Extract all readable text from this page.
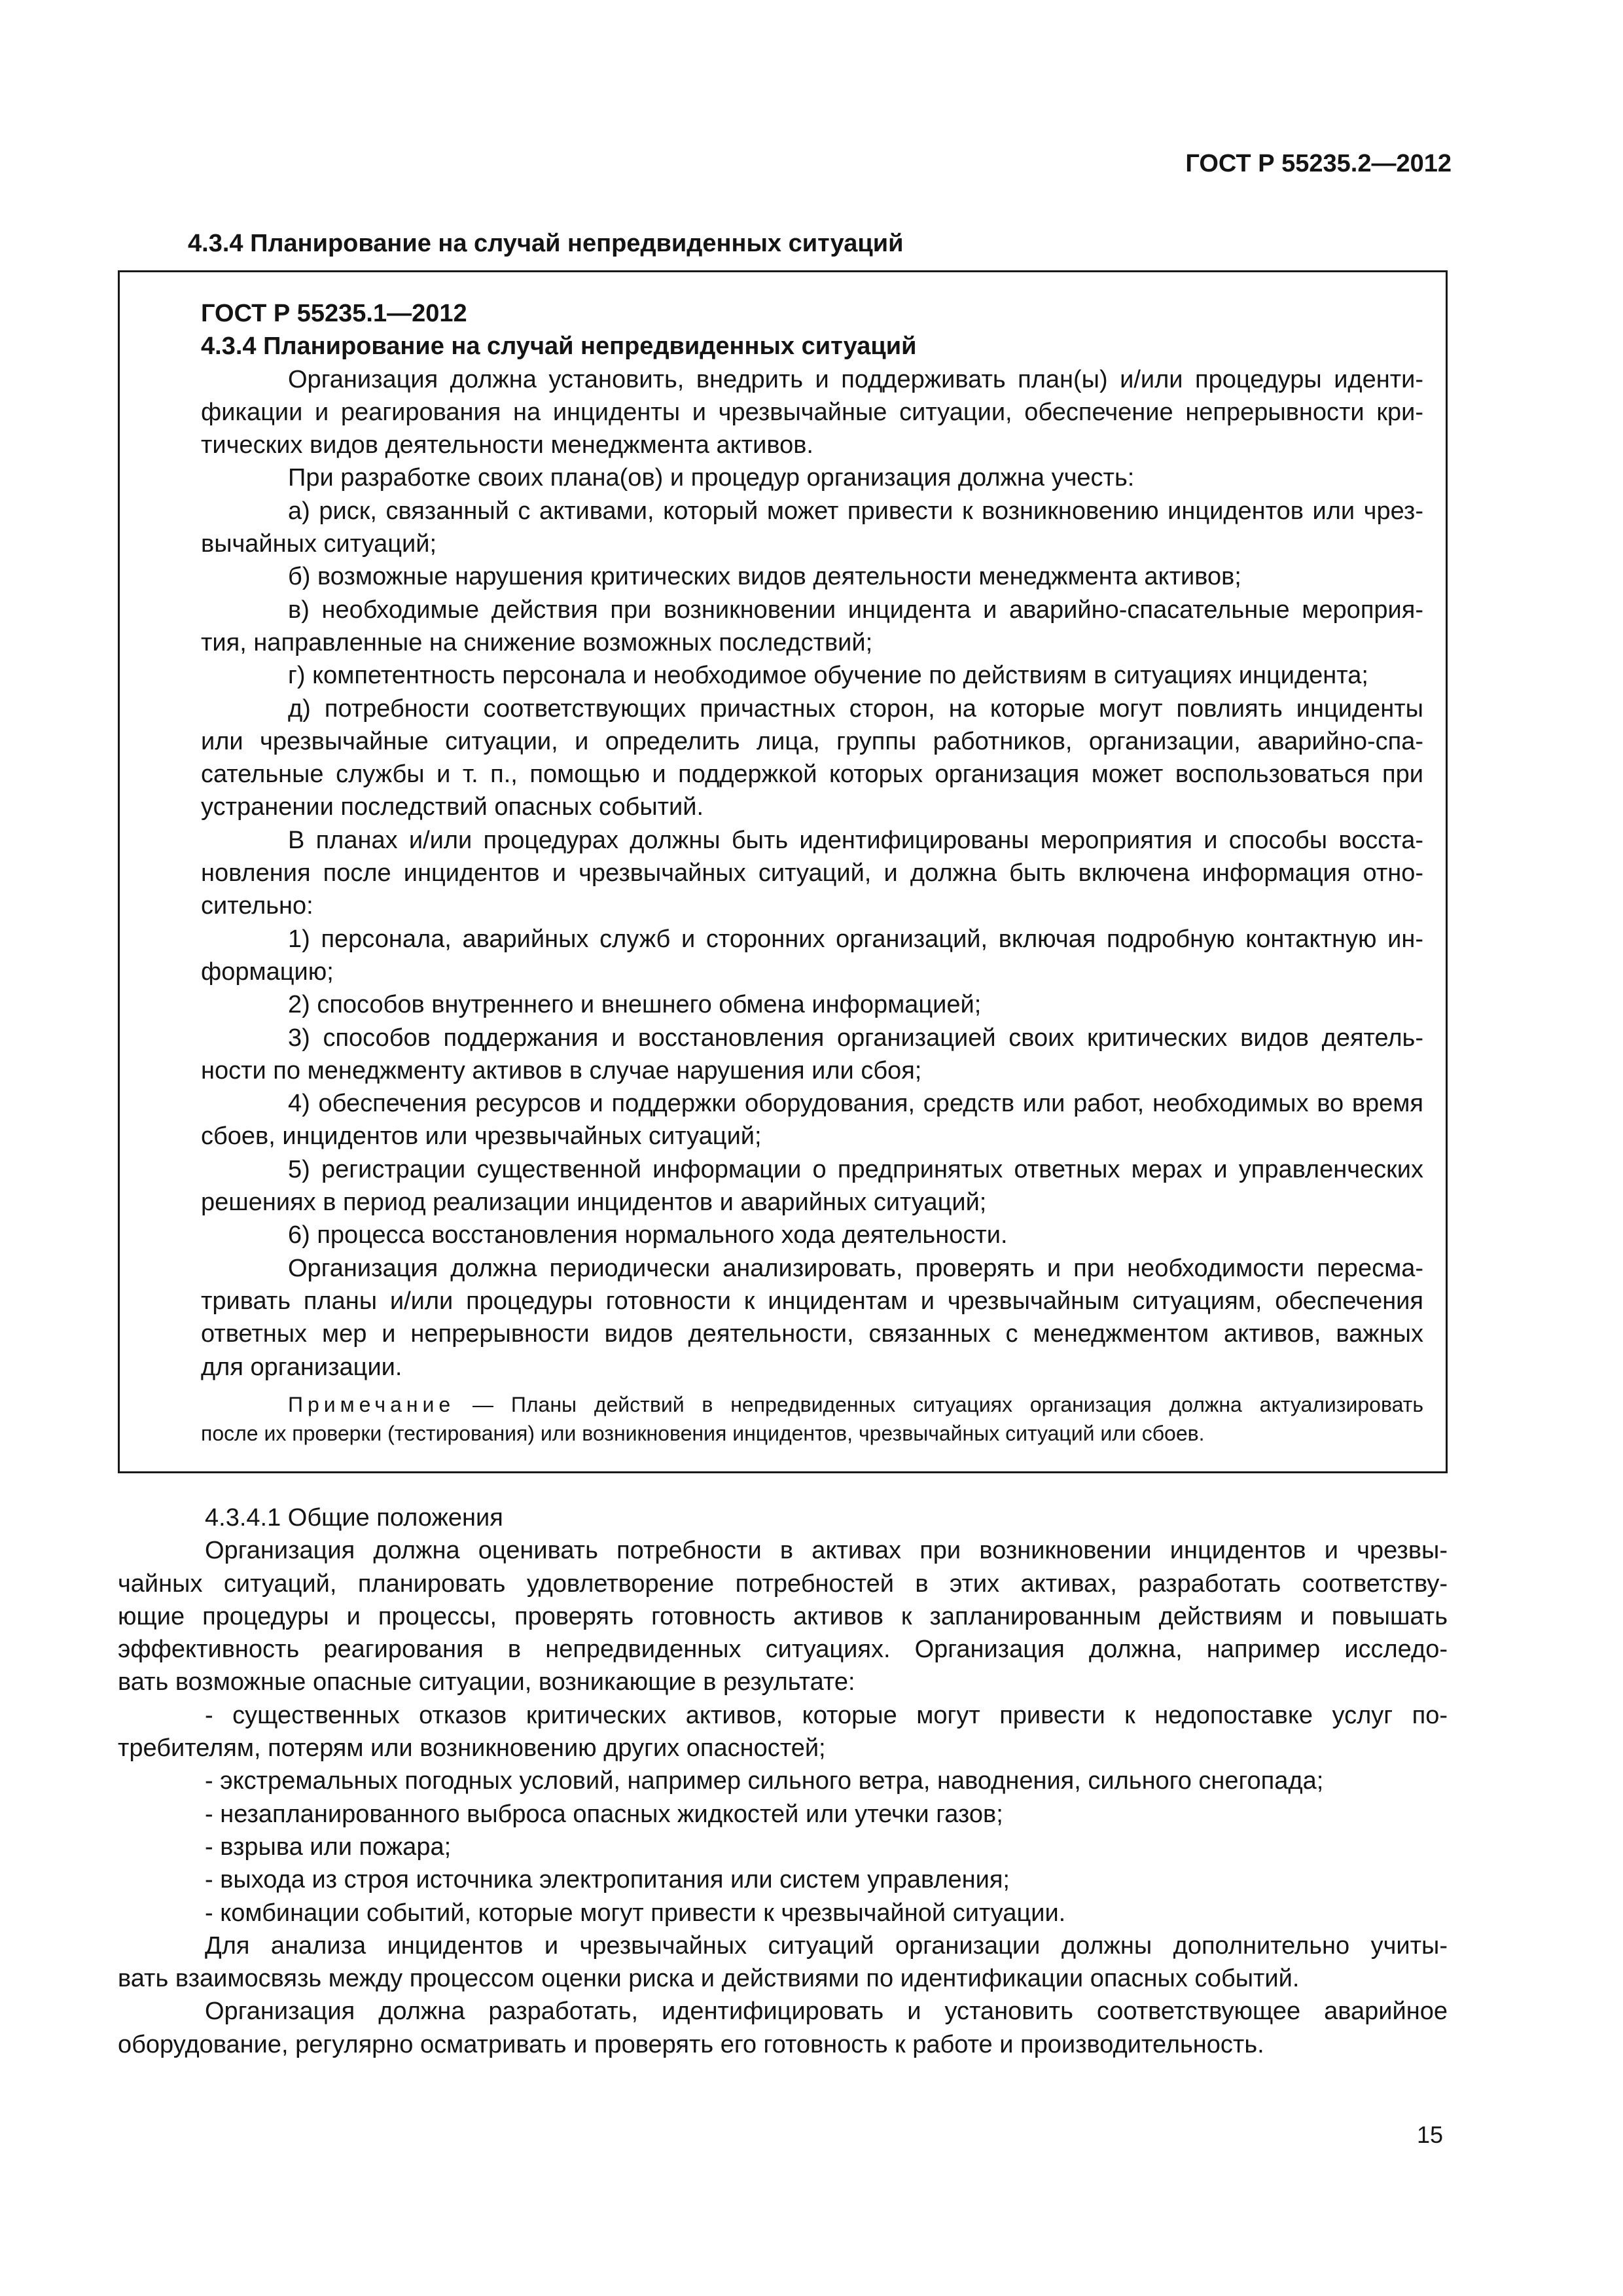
ГОСТ Р 55235.2—2012
4.3.4 Планирование на случай непредвиденных ситуаций
ГОСТ Р 55235.1—2012
4.3.4 Планирование на случай непредвиденных ситуаций
Организация должна установить, внедрить и поддерживать план(ы) и/или процедуры иденти-
фикации и реагирования на инциденты и чрезвычайные ситуации, обеспечение непрерывности кри-
тических видов деятельности менеджмента активов.
При разработке своих плана(ов) и процедур организация должна учесть:
а) риск, связанный с активами, который может привести к возникновению инцидентов или чрез-
вычайных ситуаций;
б) возможные нарушения критических видов деятельности менеджмента активов;
в) необходимые действия при возникновении инцидента и аварийно-спасательные мероприя-
тия, направленные на снижение возможных последствий;
г) компетентность персонала и необходимое обучение по действиям в ситуациях инцидента;
д) потребности соответствующих причастных сторон, на которые могут повлиять инциденты
или чрезвычайные ситуации, и определить лица, группы работников, организации, аварийно-спа-
сательные службы и т. п., помощью и поддержкой которых организация может воспользоваться при
устранении последствий опасных событий.
В планах и/или процедурах должны быть идентифицированы мероприятия и способы восста-
новления после инцидентов и чрезвычайных ситуаций, и должна быть включена информация отно-
сительно:
1) персонала, аварийных служб и сторонних организаций, включая подробную контактную ин-
формацию;
2) способов внутреннего и внешнего обмена информацией;
3) способов поддержания и восстановления организацией своих критических видов деятель-
ности по менеджменту активов в случае нарушения или сбоя;
4) обеспечения ресурсов и поддержки оборудования, средств или работ, необходимых во время
сбоев, инцидентов или чрезвычайных ситуаций;
5) регистрации существенной информации о предпринятых ответных мерах и управленческих
решениях в период реализации инцидентов и аварийных ситуаций;
6) процесса восстановления нормального хода деятельности.
Организация должна периодически анализировать, проверять и при необходимости пересма-
тривать планы и/или процедуры готовности к инцидентам и чрезвычайным ситуациям, обеспечения
ответных мер и непрерывности видов деятельности, связанных с менеджментом активов, важных
для организации.
Примечание — Планы действий в непредвиденных ситуациях организация должна актуализировать
после их проверки (тестирования) или возникновения инцидентов, чрезвычайных ситуаций или сбоев.
4.3.4.1 Общие положения
Организация должна оценивать потребности в активах при возникновении инцидентов и чрезвы-
чайных ситуаций, планировать удовлетворение потребностей в этих активах, разработать соответству-
ющие процедуры и процессы, проверять готовность активов к запланированным действиям и повышать
эффективность реагирования в непредвиденных ситуациях. Организация должна, например исследо-
вать возможные опасные ситуации, возникающие в результате:
- существенных отказов критических активов, которые могут привести к недопоставке услуг по-
требителям, потерям или возникновению других опасностей;
- экстремальных погодных условий, например сильного ветра, наводнения, сильного снегопада;
- незапланированного выброса опасных жидкостей или утечки газов;
- взрыва или пожара;
- выхода из строя источника электропитания или систем управления;
- комбинации событий, которые могут привести к чрезвычайной ситуации.
Для анализа инцидентов и чрезвычайных ситуаций организации должны дополнительно учиты-
вать взаимосвязь между процессом оценки риска и действиями по идентификации опасных событий.
Организация должна разработать, идентифицировать и установить соответствующее аварийное
оборудование, регулярно осматривать и проверять его готовность к работе и производительность.
15
